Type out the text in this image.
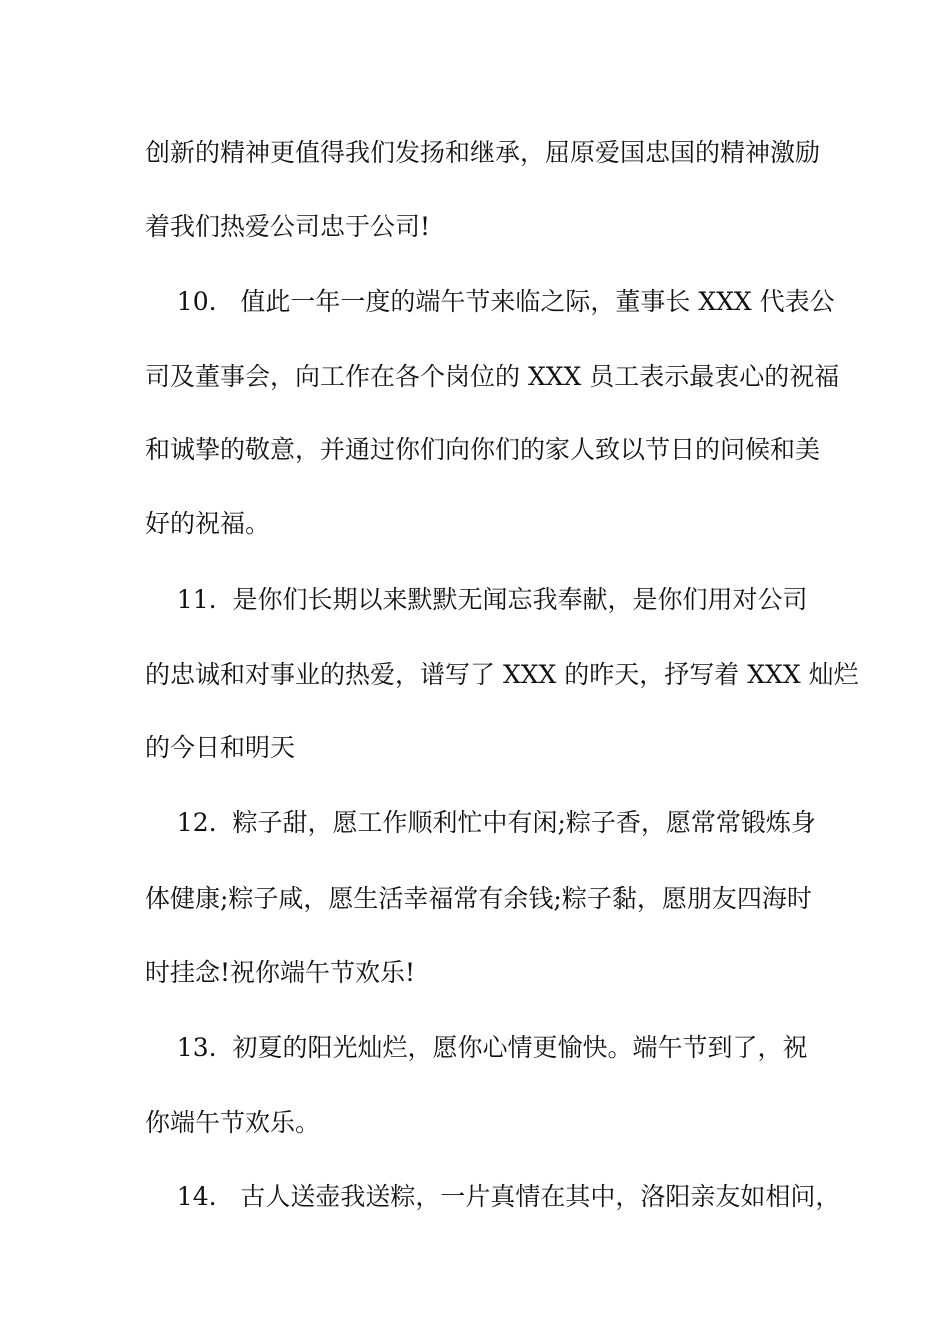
创新的精神更值得我们发扬和继承，屈原爱国忠国的精神激励
着我们热爱公司忠于公司!
10.   值此一年一度的端午节来临之际，董事长 XXX 代表公
司及董事会，向工作在各个岗位的 XXX 员工表示最衷心的祝福
和诚挚的敬意，并通过你们向你们的家人致以节日的问候和美
好的祝福。
11.  是你们长期以来默默无闻忘我奉献，是你们用对公司
的忠诚和对事业的热爱，谱写了 XXX 的昨天，抒写着 XXX 灿烂
的今日和明天
12.  粽子甜，愿工作顺利忙中有闲;粽子香，愿常常锻炼身
体健康;粽子咸，愿生活幸福常有余钱;粽子黏，愿朋友四海时
时挂念!祝你端午节欢乐!
13.  初夏的阳光灿烂，愿你心情更愉快。端午节到了，祝
你端午节欢乐。
14.   古人送壶我送粽，一片真情在其中，洛阳亲友如相问，
